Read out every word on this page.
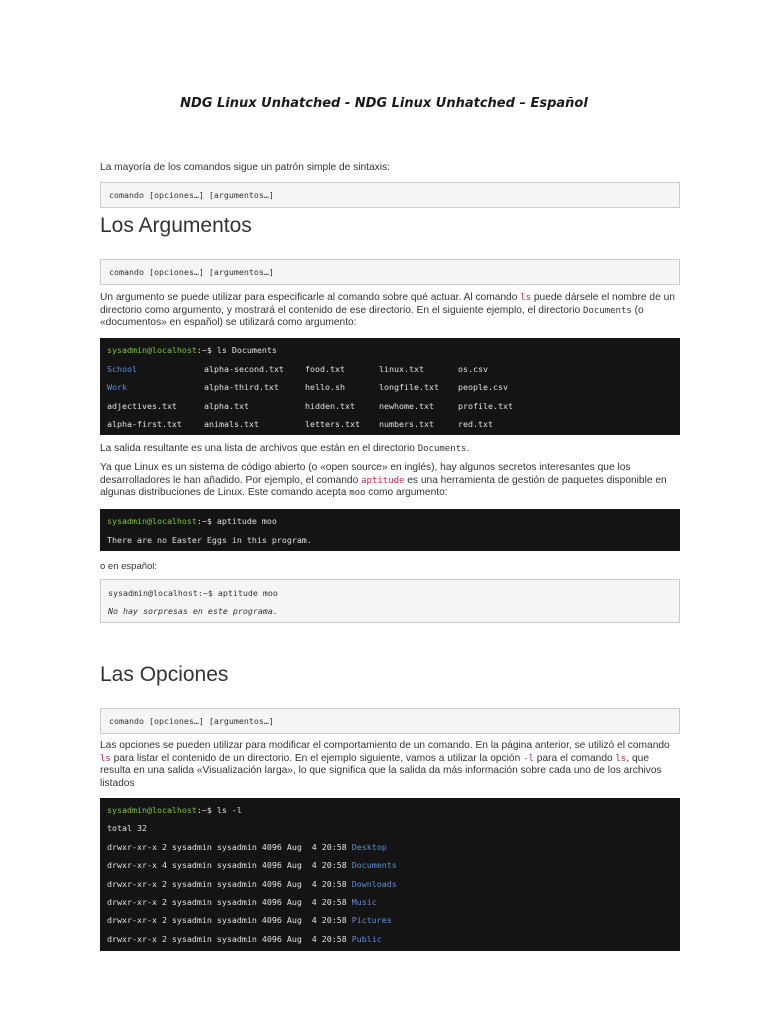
NDG Linux Unhatched - NDG Linux Unhatched – Español

La mayoría de los comandos sigue un patrón simple de sintaxis:

comando [opciones…] [argumentos…]
Los Argumentos
comando [opciones…] [argumentos…]

Un argumento se puede utilizar para especificarle al comando sobre qué actuar. Al comando ls puede dársele el nombre de un directorio como argumento, y mostrará el contenido de ese directorio. En el siguiente ejemplo, el directorio Documents (o «documentos» en español) se utilizará como argumento:

sysadmin@localhost:~$ ls Documents
School	alpha-second.txt	food.txt	linux.txt	os.csv
Work	alpha-third.txt	hello.sh	longfile.txt	people.csv
adjectives.txt	alpha.txt	hidden.txt	newhome.txt	profile.txt
alpha-first.txt	animals.txt	letters.txt	numbers.txt	red.txt

La salida resultante es una lista de archivos que están en el directorio Documents.

Ya que Linux es un sistema de código abierto (o «open source» en inglés), hay algunos secretos interesantes que los desarrolladores le han añadido. Por ejemplo, el comando aptitude es una herramienta de gestión de paquetes disponible en algunas distribuciones de Linux. Este comando acepta moo como argumento:

sysadmin@localhost:~$ aptitude moo
There are no Easter Eggs in this program.

o en español:

sysadmin@localhost:~$ aptitude moo
No hay sorpresas en este programa.
Las Opciones
comando [opciones…] [argumentos…]

Las opciones se pueden utilizar para modificar el comportamiento de un comando. En la página anterior, se utilizó el comando ls para listar el contenido de un directorio. En el ejemplo siguiente, vamos a utilizar la opción -l para el comando ls, que resulta en una salida «Visualización larga», lo que significa que la salida da más información sobre cada uno de los archivos listados

sysadmin@localhost :~$ ls -l
total 32
drwxr-xr-x 2 sysadmin sysadmin 4096 Aug  4 20:58 Desktop
drwxr-xr-x 4 sysadmin sysadmin 4096 Aug  4 20:58 Documents
drwxr-xr-x 2 sysadmin sysadmin 4096 Aug  4 20:58 Downloads
drwxr-xr-x 2 sysadmin sysadmin 4096 Aug  4 20:58 Music
drwxr-xr-x 2 sysadmin sysadmin 4096 Aug  4 20:58 Pictures
drwxr-xr-x 2 sysadmin sysadmin 4096 Aug  4 20:58 Public
